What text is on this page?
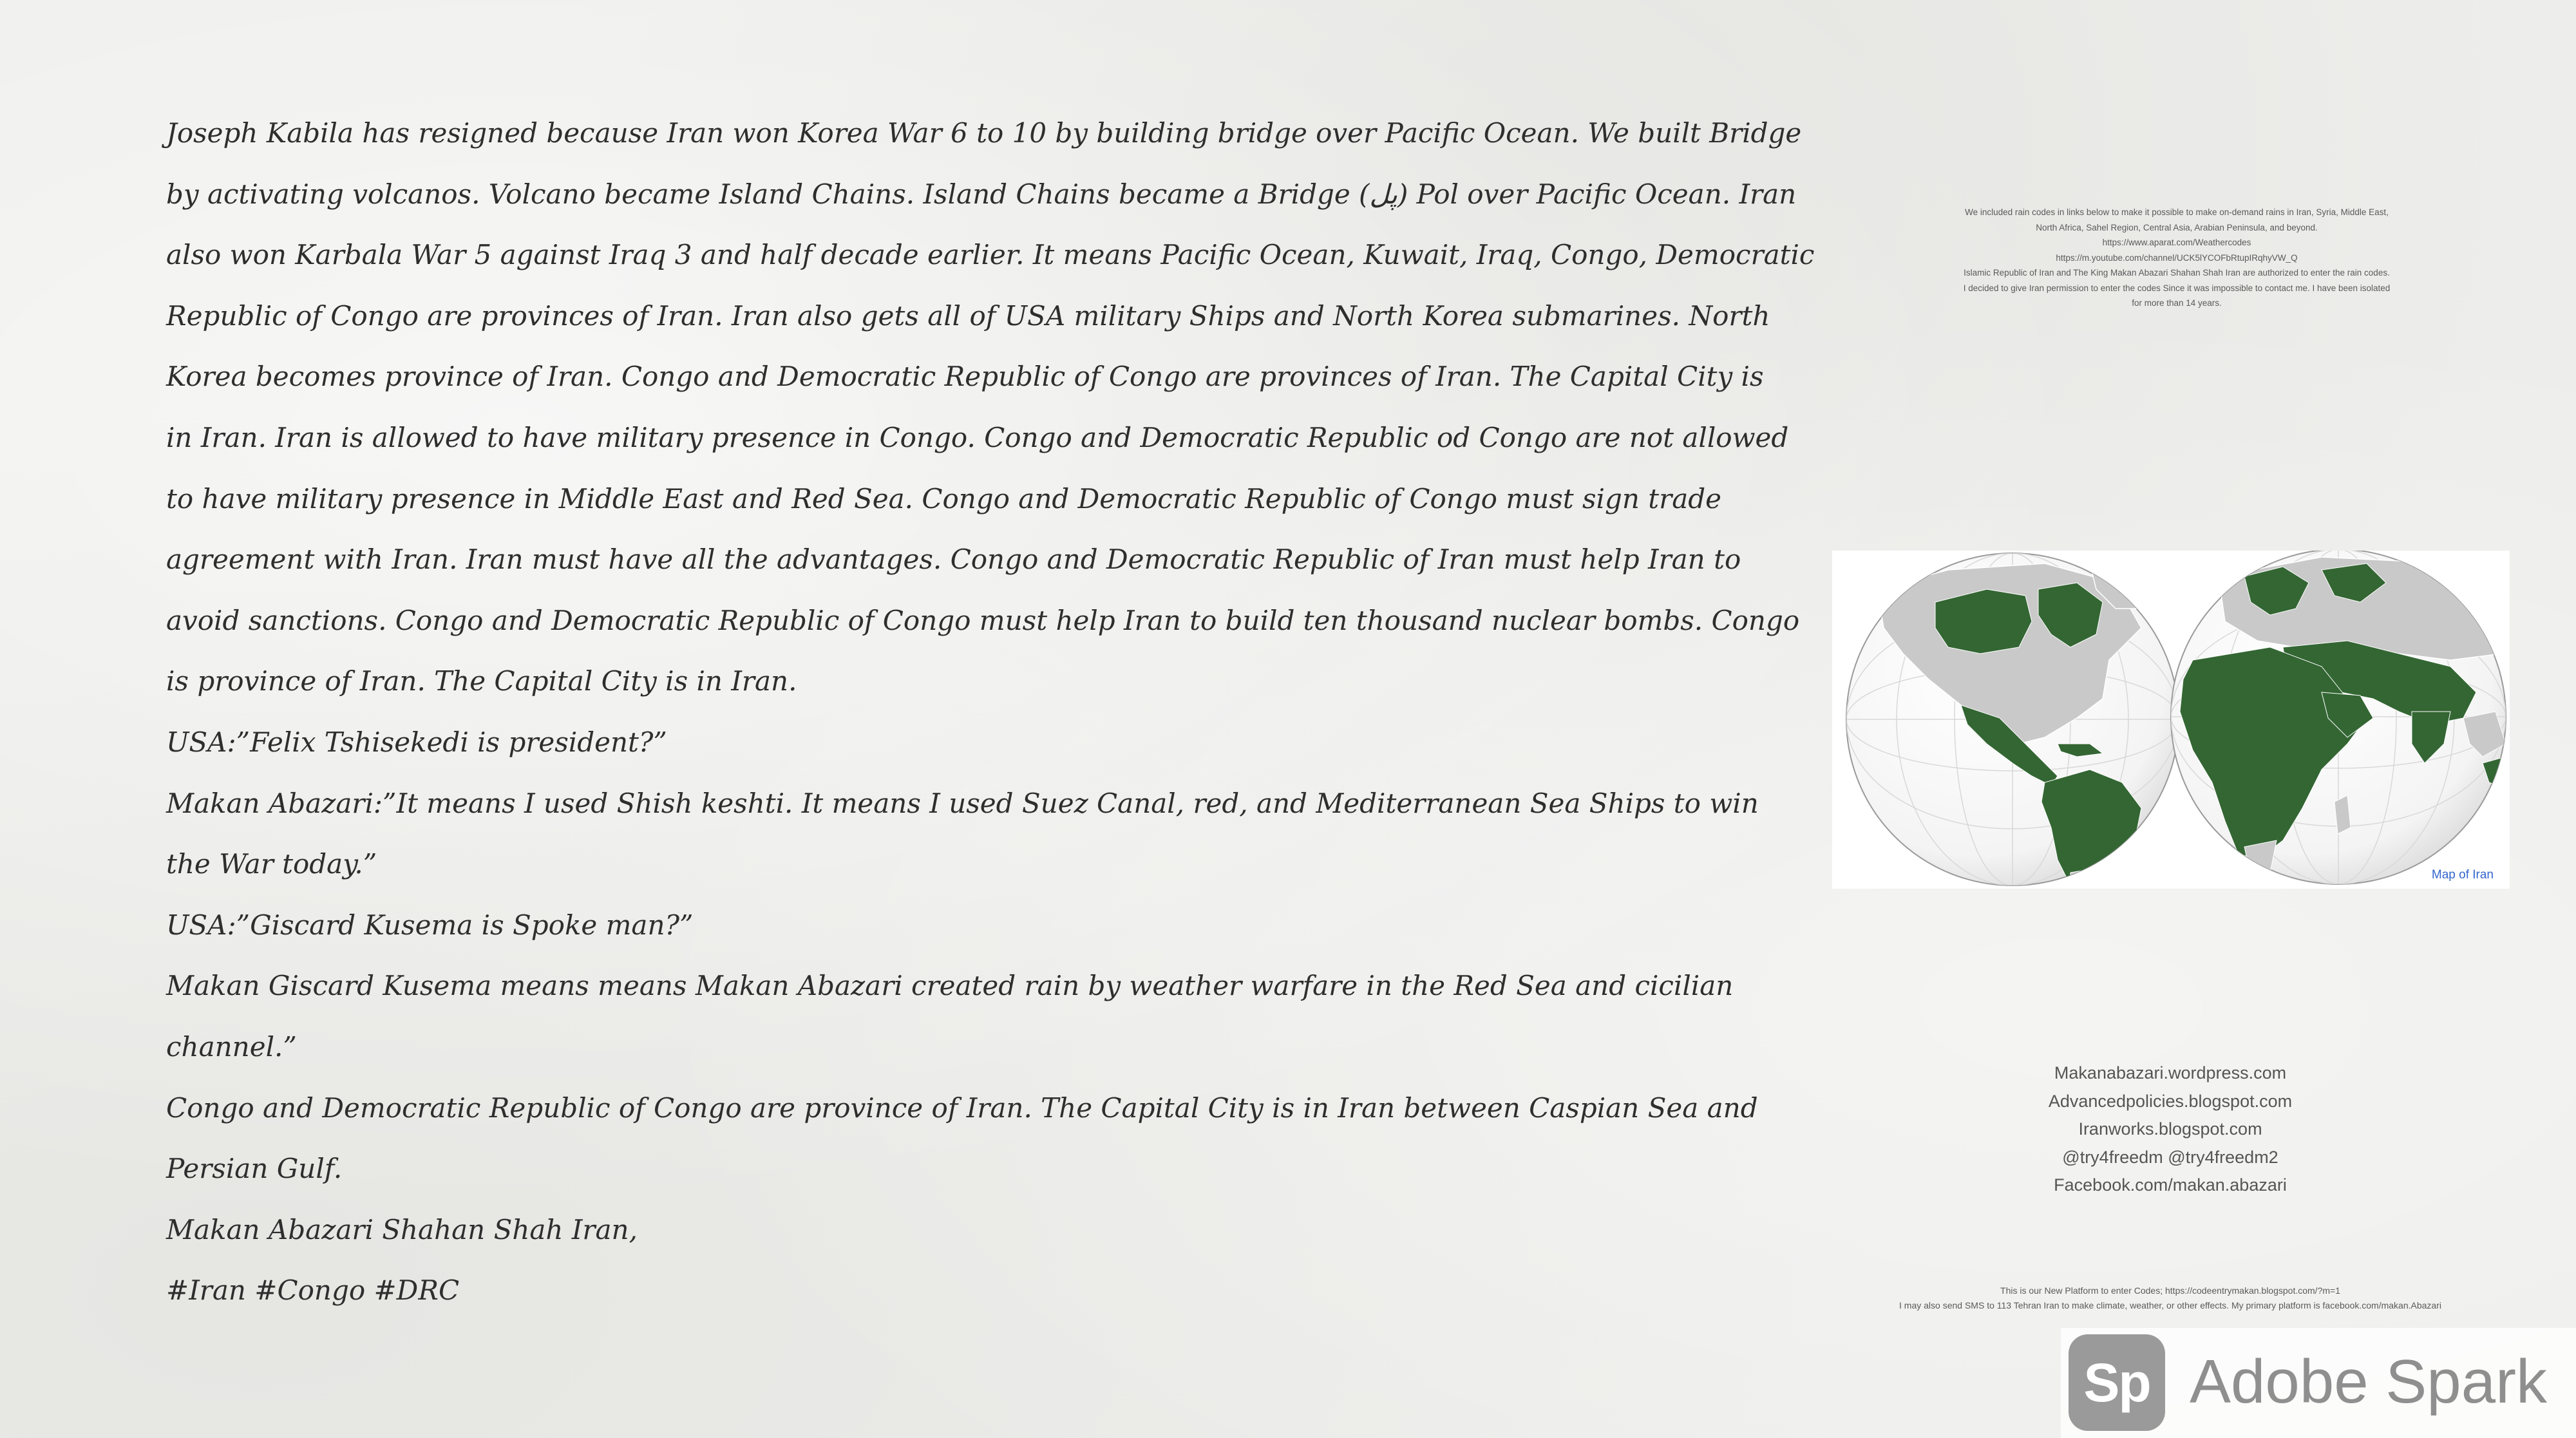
Joseph Kabila has resigned because Iran won Korea War 6 to 10 by building bridge over Pacific Ocean. We built Bridge

by activating volcanos. Volcano became Island Chains. Island Chains became a Bridge (پل) Pol over Pacific Ocean. Iran

also won Karbala War 5 against Iraq 3 and half decade earlier. It means Pacific Ocean, Kuwait, Iraq, Congo, Democratic

Republic of Congo are provinces of Iran. Iran also gets all of USA military Ships and North Korea submarines. North

Korea becomes province of Iran. Congo and Democratic Republic of Congo are provinces of Iran. The Capital City is

in Iran. Iran is allowed to have military presence in Congo. Congo and Democratic Republic od Congo are not allowed

to have military presence in Middle East and Red Sea. Congo and Democratic Republic of Congo must sign trade

agreement with Iran. Iran must have all the advantages. Congo and Democratic Republic of Iran must help Iran to

avoid sanctions. Congo and Democratic Republic of Congo must help Iran to build ten thousand nuclear bombs. Congo

is province of Iran. The Capital City is in Iran.

USA:”Felix Tshisekedi is president?”

Makan Abazari:”It means I used Shish keshti. It means I used Suez Canal, red, and Mediterranean Sea Ships to win

the War today.”

USA:”Giscard Kusema is Spoke man?”

Makan Giscard Kusema means means Makan Abazari created rain by weather warfare in the Red Sea and cicilian

channel.”

Congo and Democratic Republic of Congo are province of Iran. The Capital City is in Iran between Caspian Sea and

Persian Gulf.

Makan Abazari Shahan Shah Iran,

#Iran #Congo #DRC

We included rain codes in links below to make it possible to make on-demand rains in Iran, Syria, Middle East,
North Africa, Sahel Region, Central Asia, Arabian Peninsula, and beyond.
https://www.aparat.com/Weathercodes
https://m.youtube.com/channel/UCK5lYCOFbRtupIRqhyVW_Q
Islamic Republic of Iran and The King Makan Abazari Shahan Shah Iran are authorized to enter the rain codes.
I decided to give Iran permission to enter the codes Since it was impossible to contact me. I have been isolated
for more than 14 years.
Map of Iran
Makanabazari.wordpress.com
Advancedpolicies.blogspot.com
Iranworks.blogspot.com
@try4freedm @try4freedm2
Facebook.com/makan.abazari
This is our New Platform to enter Codes; https://codeentrymakan.blogspot.com/?m=1
I may also send SMS to 113 Tehran Iran to make climate, weather, or other effects. My primary platform is facebook.com/makan.Abazari
Sp Adobe Spark
